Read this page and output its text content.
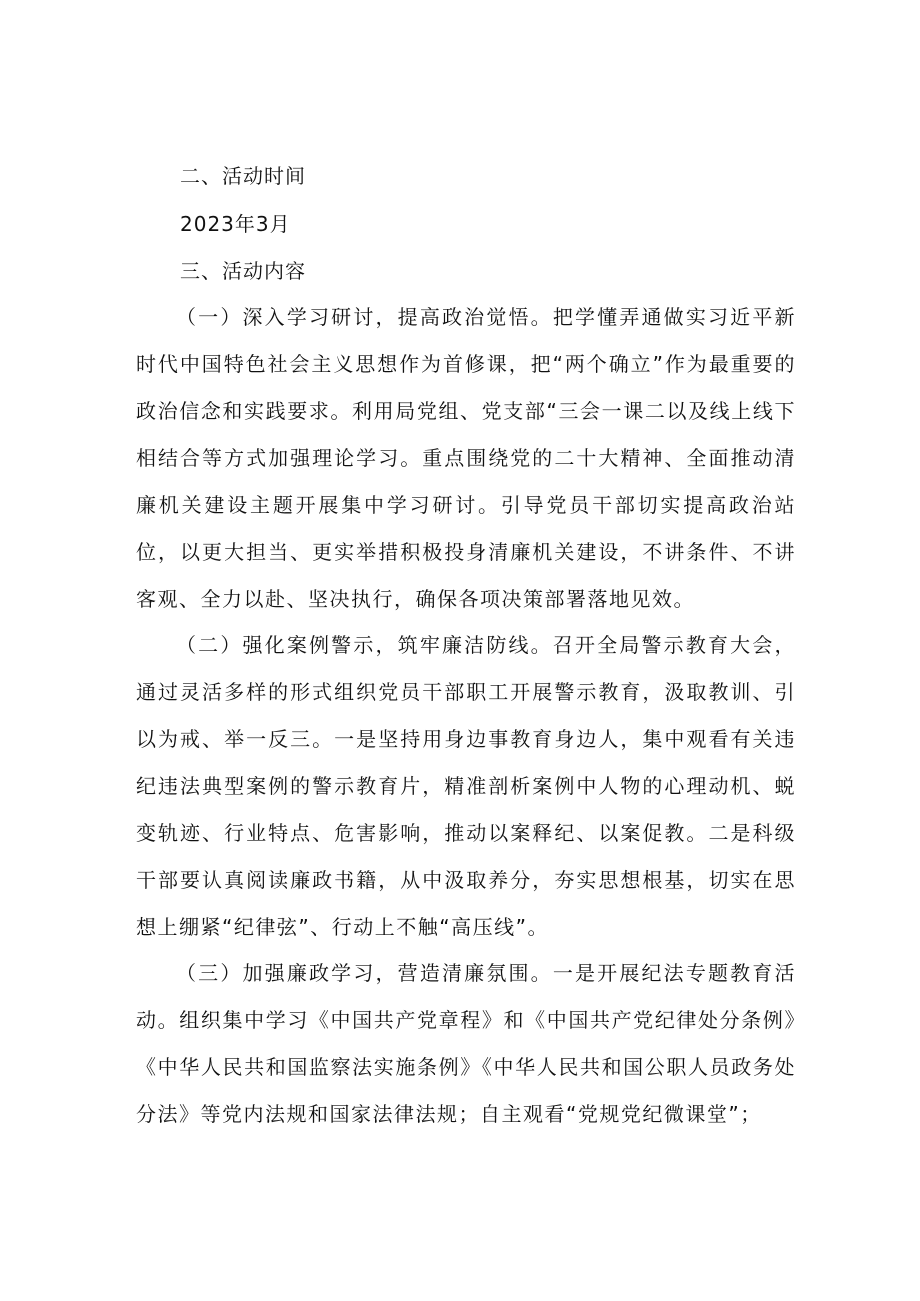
二、活动时间
2023年3月
三、活动内容

（一）深入学习研讨，提高政治觉悟。把学懂弄通做实习近平新时代中国特色社会主义思想作为首修课，把“两个确立”作为最重要的政治信念和实践要求。利用局党组、党支部“三会一课二以及线上线下相结合等方式加强理论学习。重点围绕党的二十大精神、全面推动清廉机关建设主题开展集中学习研讨。引导党员干部切实提高政治站位，以更大担当、更实举措积极投身清廉机关建设，不讲条件、不讲客观、全力以赴、坚决执行，确保各项决策部署落地见效。

（二）强化案例警示，筑牢廉洁防线。召开全局警示教育大会，通过灵活多样的形式组织党员干部职工开展警示教育，汲取教训、引以为戒、举一反三。一是坚持用身边事教育身边人，集中观看有关违纪违法典型案例的警示教育片，精准剖析案例中人物的心理动机、蜕变轨迹、行业特点、危害影响，推动以案释纪、以案促教。二是科级干部要认真阅读廉政书籍，从中汲取养分，夯实思想根基，切实在思想上绷紧“纪律弦”、行动上不触“高压线”。

（三）加强廉政学习，营造清廉氛围。一是开展纪法专题教育活动。组织集中学习《中国共产党章程》和《中国共产党纪律处分条例》《中华人民共和国监察法实施条例》《中华人民共和国公职人员政务处分法》等党内法规和国家法律法规；自主观看“党规党纪微课堂”；
